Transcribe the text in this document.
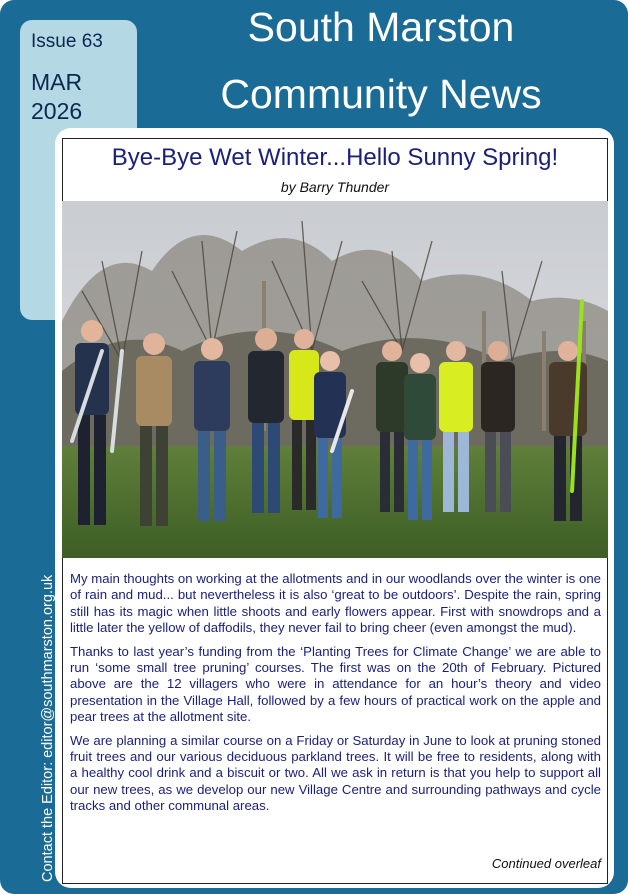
Issue 63
MAR
2026
South Marston
Community News
Bye-Bye Wet Winter...Hello Sunny Spring!
by Barry Thunder

My main thoughts on working at the allotments and in our woodlands over the winter is one of rain and mud... but nevertheless it is also ‘great to be outdoors’. Despite the rain, spring still has its magic when little shoots and early flowers appear. First with snowdrops and a little later the yellow of daffodils, they never fail to bring cheer (even amongst the mud).

Thanks to last year’s funding from the ‘Planting Trees for Climate Change’ we are able to run ‘some small tree pruning’ courses. The first was on the 20th of February. Pictured above are the 12 villagers who were in attendance for an hour’s theory and video presentation in the Village Hall, followed by a few hours of practical work on the apple and pear trees at the allotment site.

We are planning a similar course on a Friday or Saturday in June to look at pruning stoned fruit trees and our various deciduous parkland trees. It will be free to residents, along with a healthy cool drink and a biscuit or two. All we ask in return is that you help to support all our new trees, as we develop our new Village Centre and surrounding pathways and cycle tracks and other communal areas.

Continued overleaf
Contact the Editor: editor@southmarston.org.uk
